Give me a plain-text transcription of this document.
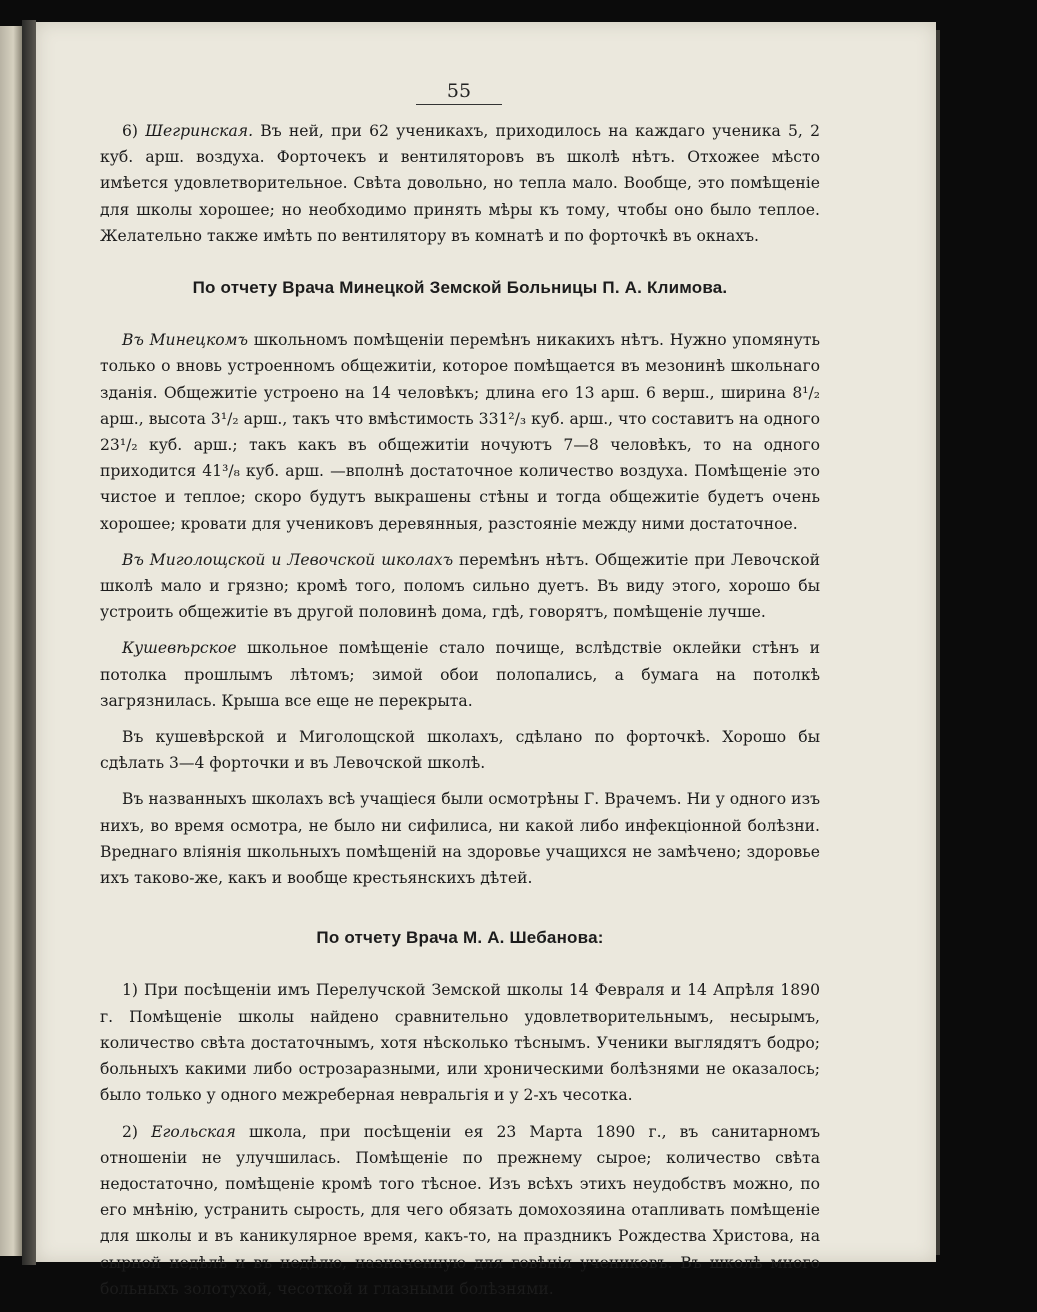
55

6) Шегринская. Въ ней, при 62 ученикахъ, приходилось на каждаго ученика 5, 2 куб. арш. воздуха. Форточекъ и вентиляторовъ въ школѣ нѣтъ. Отхожее мѣсто имѣется удовлетворительное. Свѣта довольно, но тепла мало. Вообще, это помѣщеніе для школы хорошее; но необходимо принять мѣры къ тому, чтобы оно было теплое. Желательно также имѣть по вентилятору въ комнатѣ и по форточкѣ въ окнахъ.

По отчету Врача Минецкой Земской Больницы П. А. Климова.

Въ Минецкомъ школьномъ помѣщеніи перемѣнъ никакихъ нѣтъ. Нужно упомянуть только о вновь устроенномъ общежитіи, которое помѣщается въ мезонинѣ школьнаго зданія. Общежитіе устроено на 14 человѣкъ; длина его 13 арш. 6 верш., ширина 8¹/₂ арш., высота 3¹/₂ арш., такъ что вмѣстимость 331²/₃ куб. арш., что составитъ на одного 23¹/₂ куб. арш.; такъ какъ въ общежитіи ночуютъ 7—8 человѣкъ, то на одного приходится 41³/₈ куб. арш. —вполнѣ достаточное количество воздуха. Помѣщеніе это чистое и теплое; скоро будутъ выкрашены стѣны и тогда общежитіе будетъ очень хорошее; кровати для учениковъ деревянныя, разстояніе между ними достаточное.

Въ Миголощской и Левочской школахъ перемѣнъ нѣтъ. Общежитіе при Левочской школѣ мало и грязно; кромѣ того, поломъ сильно дуетъ. Въ виду этого, хорошо бы устроить общежитіе въ другой половинѣ дома, гдѣ, говорятъ, помѣщеніе лучше.

Кушевѣрское школьное помѣщеніе стало почище, вслѣдствіе оклейки стѣнъ и потолка прошлымъ лѣтомъ; зимой обои полопались, а бумага на потолкѣ загрязнилась. Крыша все еще не перекрыта.

Въ кушевѣрской и Миголощской школахъ, сдѣлано по форточкѣ. Хорошо бы сдѣлать 3—4 форточки и въ Левочской школѣ.

Въ названныхъ школахъ всѣ учащіеся были осмотрѣны Г. Врачемъ. Ни у одного изъ нихъ, во время осмотра, не было ни сифилиса, ни какой либо инфекціонной болѣзни. Вреднаго вліянія школьныхъ помѣщеній на здоровье учащихся не замѣчено; здоровье ихъ таково-же, какъ и вообще крестьянскихъ дѣтей.

По отчету Врача М. А. Шебанова:

1) При посѣщеніи имъ Перелучской Земской школы 14 Февраля и 14 Апрѣля 1890 г. Помѣщеніе школы найдено сравнительно удовлетворительнымъ, несырымъ, количество свѣта достаточнымъ, хотя нѣсколько тѣснымъ. Ученики выглядятъ бодро; больныхъ какими либо острозаразными, или хроническими болѣзнями не оказалось; было только у одного межреберная невральгія и у 2-хъ чесотка.

2) Егольская школа, при посѣщеніи ея 23 Марта 1890 г., въ санитарномъ отношеніи не улучшилась. Помѣщеніе по прежнему сырое; количество свѣта недостаточно, помѣщеніе кромѣ того тѣсное. Изъ всѣхъ этихъ неудобствъ можно, по его мнѣнію, устранить сырость, для чего обязать домохозяина отапливать помѣщеніе для школы и въ каникулярное время, какъ-то, на праздникъ Рождества Христова, на сырной недѣлѣ и въ недѣлю, назначенную для говѣнія учениковъ. Въ школѣ много больныхъ золотухой, чесоткой и глазными болѣзнями.
